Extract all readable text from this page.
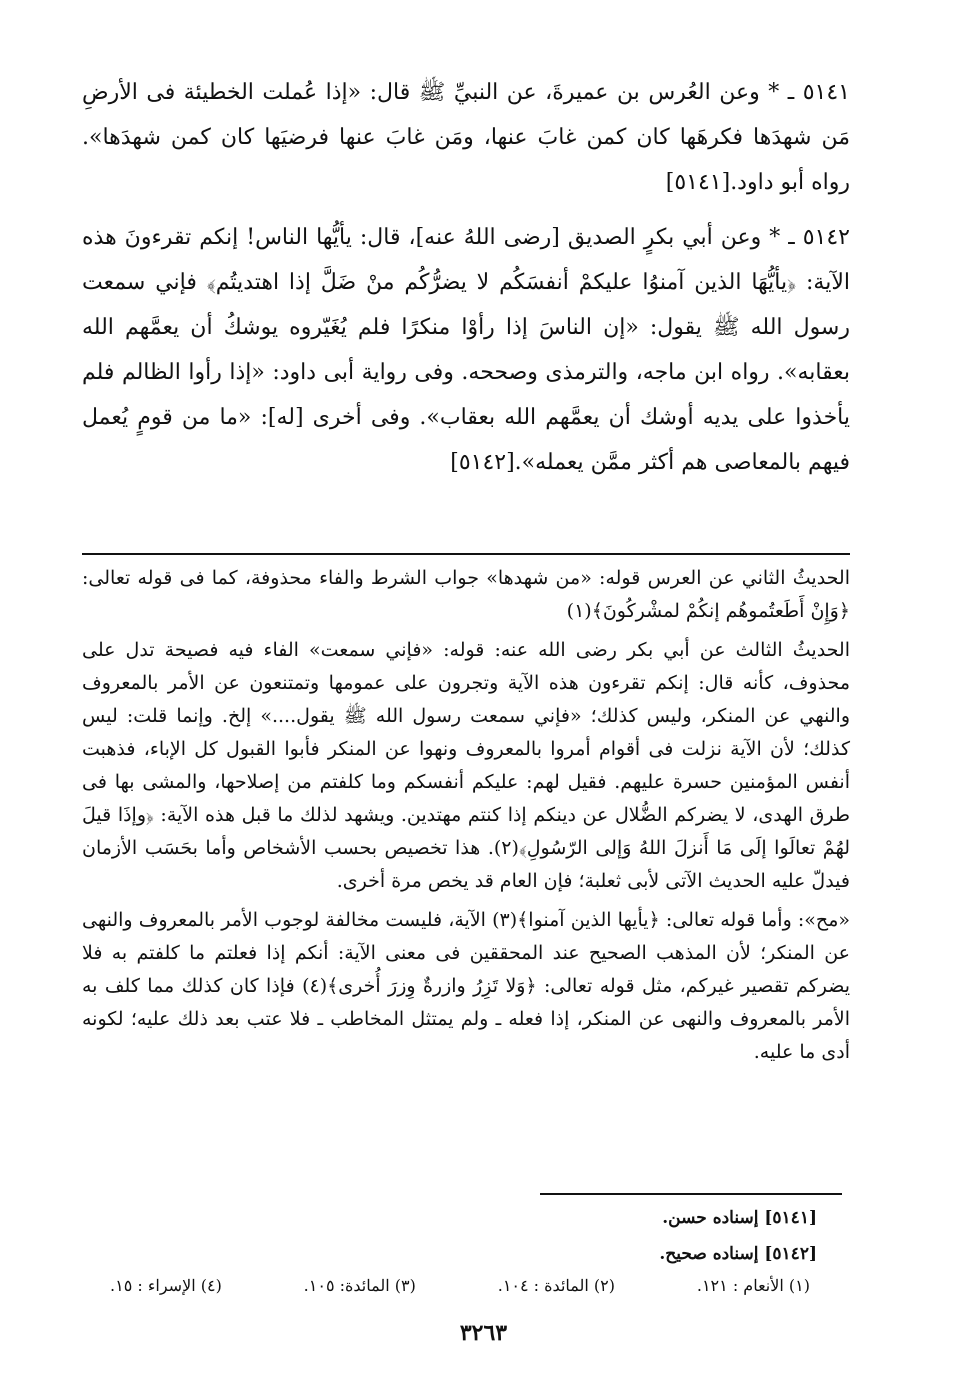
٥١٤١ ـ * وعن العُرس بن عميرةَ، عن النبيِّ ﷺ قال: «إذا عُملت الخطيئة فى الأرضِ مَن شهدَها فكرهَها كان كمن غابَ عنها، ومَن غابَ عنها فرضيَها كان كمن شهدَها». رواه أبو داود.[٥١٤١]

٥١٤٢ ـ * وعن أبي بكرٍ الصديق [رضى اللهُ عنه]، قال: يأيُّها الناس! إنكم تقرءونَ هذه الآية: ﴿يأيُّهَا الذين آمنوُا عليكمْ أنفسَكُم لا يضرُّكُم منْ ضَلَّ إذا اهتديتُم﴾ فإني سمعت رسول الله ﷺ يقول: «إن الناسَ إذا رأوْا منكرًا فلم يُغَيّروه يوشكُ أن يعمَّهم الله بعقابه». رواه ابن ماجه، والترمذى وصححه. وفى رواية أبى داود: «إذا رأوا الظالم فلم يأخذوا على يديه أوشك أن يعمَّهم الله بعقاب». وفى أخرى [له]: «ما من قومٍ يُعمل فيهم بالمعاصى هم أكثر ممَّن يعمله».[٥١٤٢]

الحديثُ الثاني عن العرس قوله: «من شهدها» جواب الشرط والفاء محذوفة، كما فى قوله تعالى: ﴿وَإِنْ أَطَعتُموهُم إنكُمْ لمشْركُونَ﴾(١)

الحديثُ الثالث عن أبي بكر رضى الله عنه: قوله: «فإني سمعت» الفاء فيه فصيحة تدل على محذوف، كأنه قال: إنكم تقرءون هذه الآية وتجرون على عمومها وتمتنعون عن الأمر بالمعروف والنهي عن المنكر، وليس كذلك؛ «فإني سمعت رسول الله ﷺ يقول....» إلخ. وإنما قلت: ليس كذلك؛ لأن الآية نزلت فى أقوام أمروا بالمعروف ونهوا عن المنكر فأبوا القبول كل الإباء، فذهبت أنفس المؤمنين حسرة عليهم. فقيل لهم: عليكم أنفسكم وما كلفتم من إصلاحها، والمشى بها فى طرق الهدى، لا يضركم الضُّلال عن دينكم إذا كنتم مهتدين. ويشهد لذلك ما قبل هذه الآية: ﴿وإذَا قيلَ لهُمْ تعالَوا إلَى مَا أَنزلَ اللهُ وَإلى الرّسُولِ﴾(٢). هذا تخصيص بحسب الأشخاص وأما بحَسَب الأزمان فيدلّ عليه الحديث الآتى لأبى ثعلبة؛ فإن العام قد يخص مرة أخرى.

«مح»: وأما قوله تعالى: ﴿يأيها الذين آمنوا﴾(٣) الآية، فليست مخالفة لوجوب الأمر بالمعروف والنهى عن المنكر؛ لأن المذهب الصحيح عند المحققين فى معنى الآية: أنكم إذا فعلتم ما كلفتم به فلا يضركم تقصير غيركم، مثل قوله تعالى: ﴿وَلا تَزِرُ وازرةٌ وِزرَ أُخرى﴾(٤) فإذا كان كذلك مما كلف به الأمر بالمعروف والنهى عن المنكر، إذا فعله ـ ولم يمتثل المخاطب ـ فلا عتب بعد ذلك عليه؛ لكونه أدى ما عليه.

[٥١٤١] إسناده حسن.
[٥١٤٢] إسناده صحيح.
(١) الأنعام : ١٢١.
(٢) المائدة : ١٠٤.
(٣) المائدة: ١٠٥.
(٤) الإسراء : ١٥.
٣٢٦٣
